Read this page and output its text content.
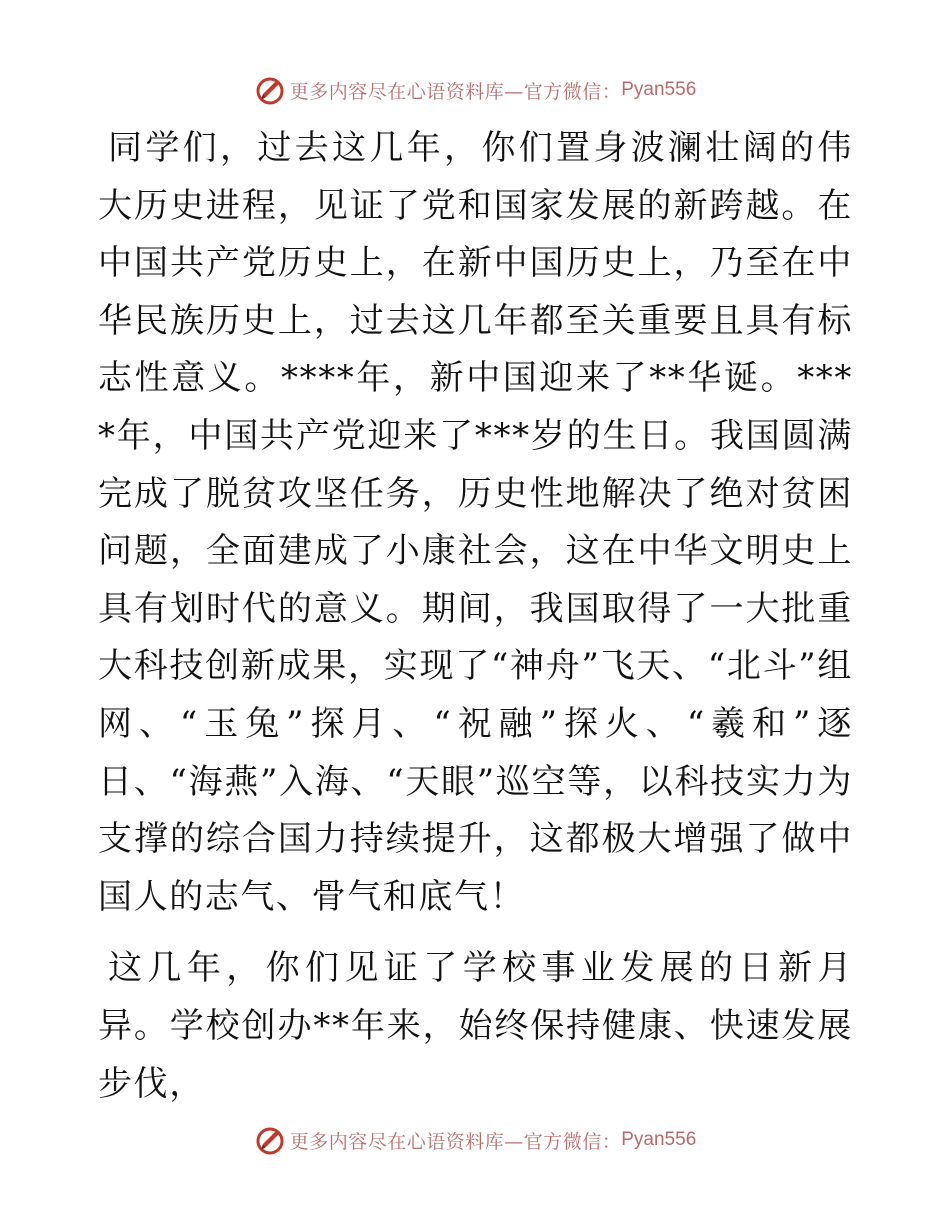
更多内容尽在心语资料库—官方微信： Pyan556

同学们，过去这几年，你们置身波澜壮阔的伟大历史进程，见证了党和国家发展的新跨越。在中国共产党历史上，在新中国历史上，乃至在中华民族历史上，过去这几年都至关重要且具有标志性意义。****年，新中国迎来了**华诞。****年，中国共产党迎来了***岁的生日。我国圆满完成了脱贫攻坚任务，历史性地解决了绝对贫困问题，全面建成了小康社会，这在中华文明史上具有划时代的意义。期间，我国取得了一大批重大科技创新成果，实现了“神舟”飞天、“北斗”组网、“玉兔”探月、“祝融”探火、“羲和”逐日、“海燕”入海、“天眼”巡空等，以科技实力为支撑的综合国力持续提升，这都极大增强了做中国人的志气、骨气和底气！

这几年，你们见证了学校事业发展的日新月异。学校创办**年来，始终保持健康、快速发展步伐，

更多内容尽在心语资料库—官方微信： Pyan556
